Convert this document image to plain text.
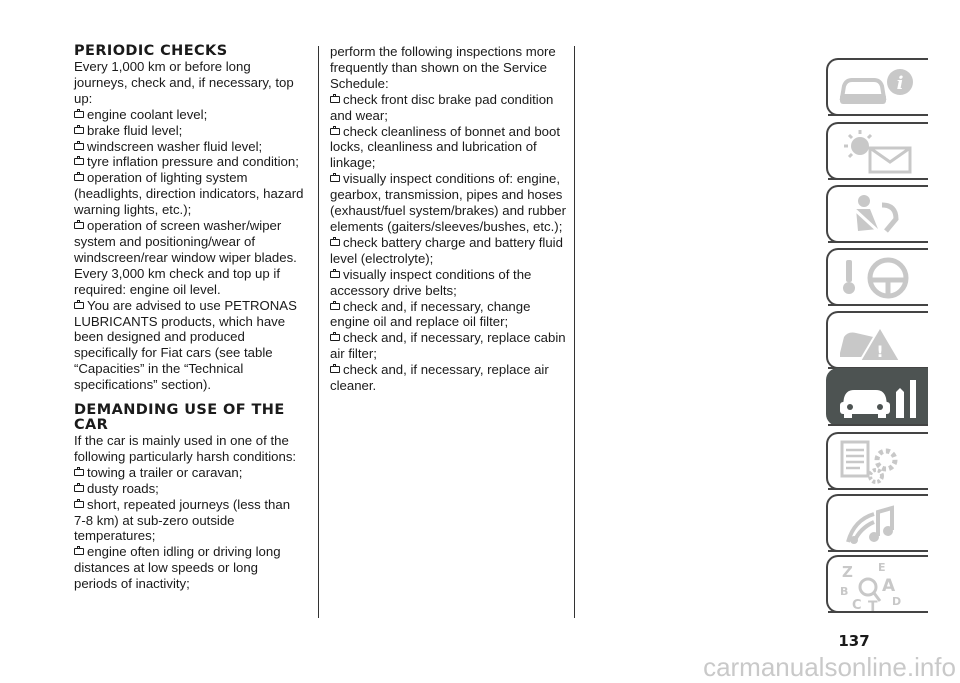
PERIODIC CHECKS

Every 1,000 km or before long journeys, check and, if necessary, top up:

engine coolant level;
brake fluid level;
windscreen washer fluid level;
tyre inflation pressure and condition;
operation of lighting system (headlights, direction indicators, hazard warning lights, etc.);
operation of screen washer/wiper system and positioning/wear of windscreen/rear window wiper blades.

Every 3,000 km check and top up if required: engine oil level.

You are advised to use PETRONAS LUBRICANTS products, which have been designed and produced specifically for Fiat cars (see table “Capacities” in the “Technical specifications” section).
DEMANDING USE OF THE CAR

If the car is mainly used in one of the following particularly harsh conditions:

towing a trailer or caravan;
dusty roads;
short, repeated journeys (less than 7-8 km) at sub-zero outside temperatures;
engine often idling or driving long distances at low speeds or long periods of inactivity;

perform the following inspections more frequently than shown on the Service Schedule:

check front disc brake pad condition and wear;
check cleanliness of bonnet and boot locks, cleanliness and lubrication of linkage;
visually inspect conditions of: engine, gearbox, transmission, pipes and hoses (exhaust/fuel system/brakes) and rubber elements (gaiters/sleeves/bushes, etc.);
check battery charge and battery fluid level (electrolyte);
visually inspect conditions of the accessory drive belts;
check and, if necessary, change engine oil and replace oil filter;
check and, if necessary, replace cabin air filter;
check and, if necessary, replace air cleaner.
i
!
Z E
A
B
C T D
137
carmanualsonline.info
